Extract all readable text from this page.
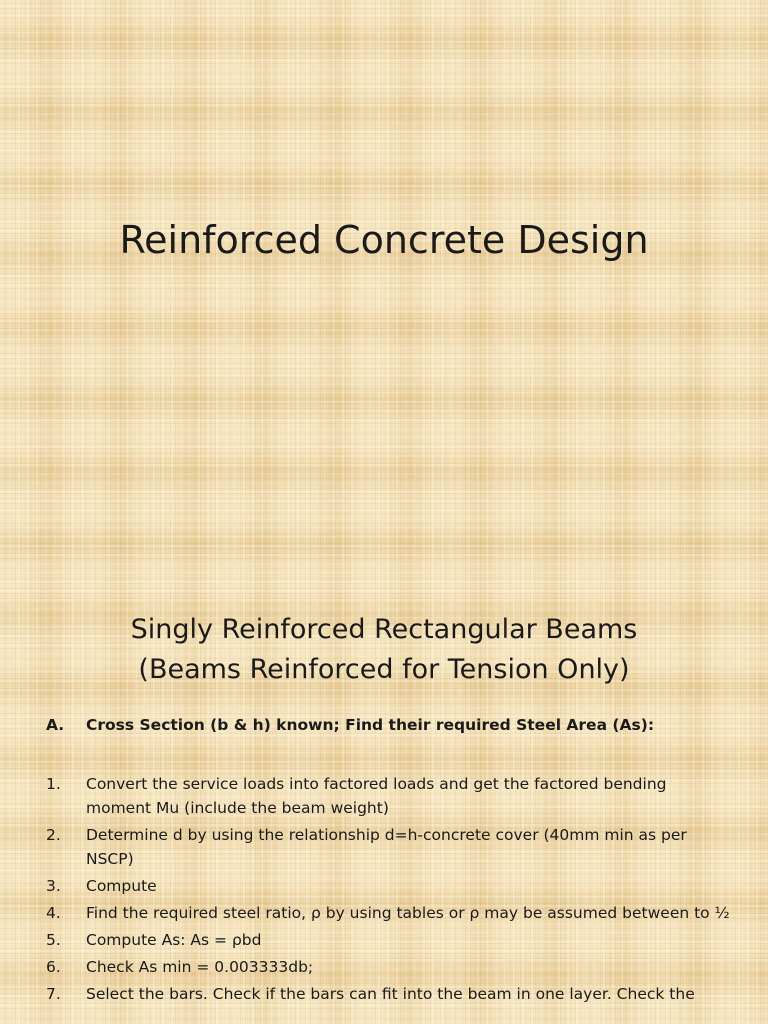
Reinforced Concrete Design
Singly Reinforced Rectangular Beams
(Beams Reinforced for Tension Only)
A.	Cross Section (b & h) known; Find their required Steel Area (As):
1.	Convert the service loads into factored loads and get the factored bending moment Mu (include the beam weight)
2.	Determine d by using the relationship d=h-concrete cover (40mm min as per NSCP)
3.	Compute
4.	Find the required steel ratio, ρ by using tables or ρ may be assumed between to ½
5.	Compute As: As = ρbd
6.	Check As min = 0.003333db;
7.	Select the bars. Check if the bars can fit into the beam in one layer. Check the
